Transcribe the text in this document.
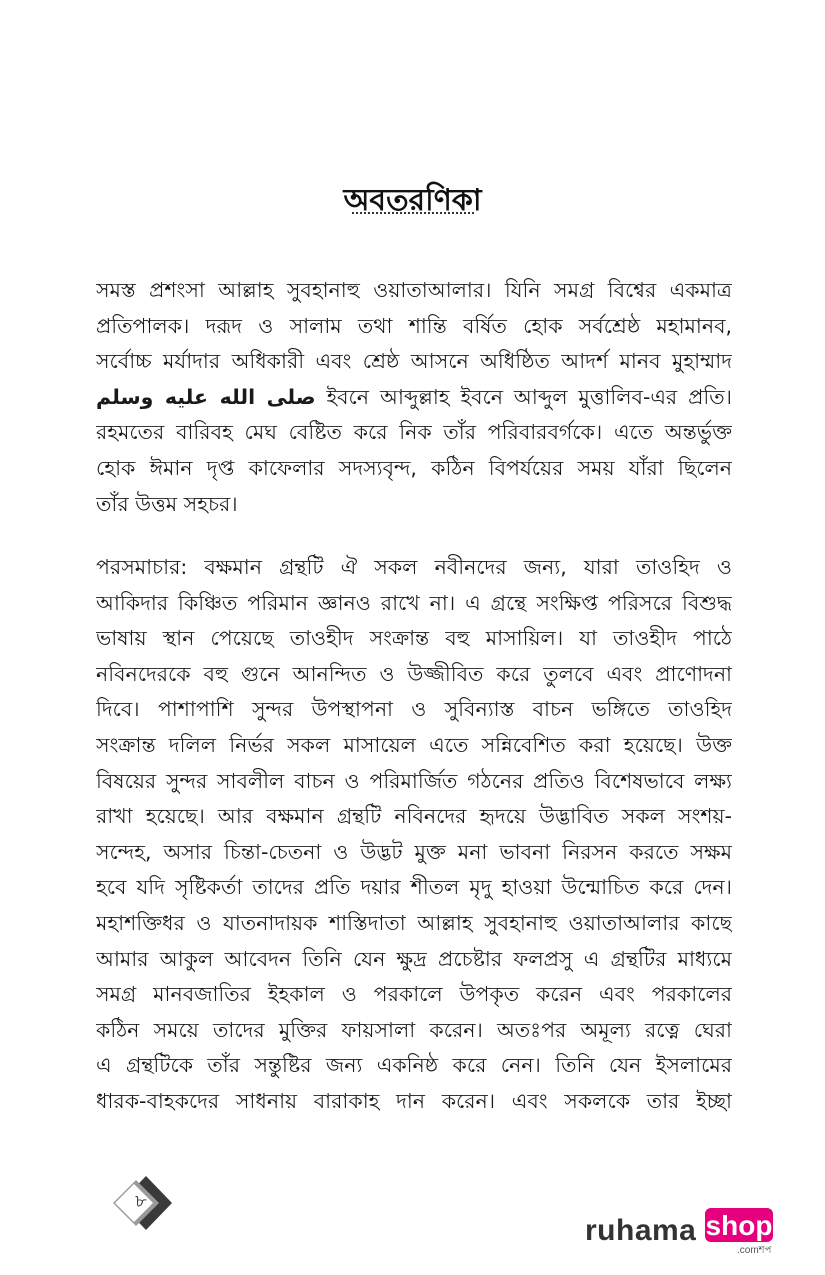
অবতরণিকা
সমস্ত প্রশংসা আল্লাহ সুবহানাহু ওয়াতাআলার। যিনি সমগ্র বিশ্বের একমাত্র
প্রতিপালক। দরূদ ও সালাম তথা শান্তি বর্ষিত হোক সর্বশ্রেষ্ঠ মহামানব,
সর্বোচ্চ মর্যাদার অধিকারী এবং শ্রেষ্ঠ আসনে অধিষ্ঠিত আদর্শ মানব মুহাম্মাদ
صلى الله عليه وسلم ইবনে আব্দুল্লাহ ইবনে আব্দুল মুত্তালিব-এর প্রতি।
রহমতের বারিবহ মেঘ বেষ্টিত করে নিক তাঁর পরিবারবর্গকে। এতে অন্তর্ভুক্ত
হোক ঈমান দৃপ্ত কাফেলার সদস্যবৃন্দ, কঠিন বিপর্যয়ের সময় যাঁরা ছিলেন
তাঁর উত্তম সহচর।
পরসমাচার: বক্ষমান গ্রন্থটি ঐ সকল নবীনদের জন্য, যারা তাওহিদ ও
আকিদার কিঞ্চিত পরিমান জ্ঞানও রাখে না। এ গ্রন্থে সংক্ষিপ্ত পরিসরে বিশুদ্ধ
ভাষায় স্থান পেয়েছে তাওহীদ সংক্রান্ত বহু মাসায়িল। যা তাওহীদ পাঠে
নবিনদেরকে বহু গুনে আনন্দিত ও উজ্জীবিত করে তুলবে এবং প্রাণোদনা
দিবে। পাশাপাশি সুন্দর উপস্থাপনা ও সুবিন্যাস্ত বাচন ভঙ্গিতে তাওহিদ
সংক্রান্ত দলিল নির্ভর সকল মাসায়েল এতে সন্নিবেশিত করা হয়েছে। উক্ত
বিষয়ের সুন্দর সাবলীল বাচন ও পরিমার্জিত গঠনের প্রতিও বিশেষভাবে লক্ষ্য
রাখা হয়েছে। আর বক্ষমান গ্রন্থটি নবিনদের হৃদয়ে উদ্ভাবিত সকল সংশয়-
সন্দেহ, অসার চিন্তা-চেতনা ও উদ্ভট মুক্ত মনা ভাবনা নিরসন করতে সক্ষম
হবে যদি সৃষ্টিকর্তা তাদের প্রতি দয়ার শীতল মৃদু হাওয়া উন্মোচিত করে দেন।
মহাশক্তিধর ও যাতনাদায়ক শাস্তিদাতা আল্লাহ সুবহানাহু ওয়াতাআলার কাছে
আমার আকুল আবেদন তিনি যেন ক্ষুদ্র প্রচেষ্টার ফলপ্রসু এ গ্রন্থটির মাধ্যমে
সমগ্র মানবজাতির ইহকাল ও পরকালে উপকৃত করেন এবং পরকালের
কঠিন সময়ে তাদের মুক্তির ফায়সালা করেন। অতঃপর অমূল্য রত্নে ঘেরা
এ গ্রন্থটিকে তাঁর সন্তুষ্টির জন্য একনিষ্ঠ করে নেন। তিনি যেন ইসলামের
ধারক-বাহকদের সাধনায় বারাকাহ দান করেন। এবং সকলকে তার ইচ্ছা
৮
ruhama shop
.comশপ
